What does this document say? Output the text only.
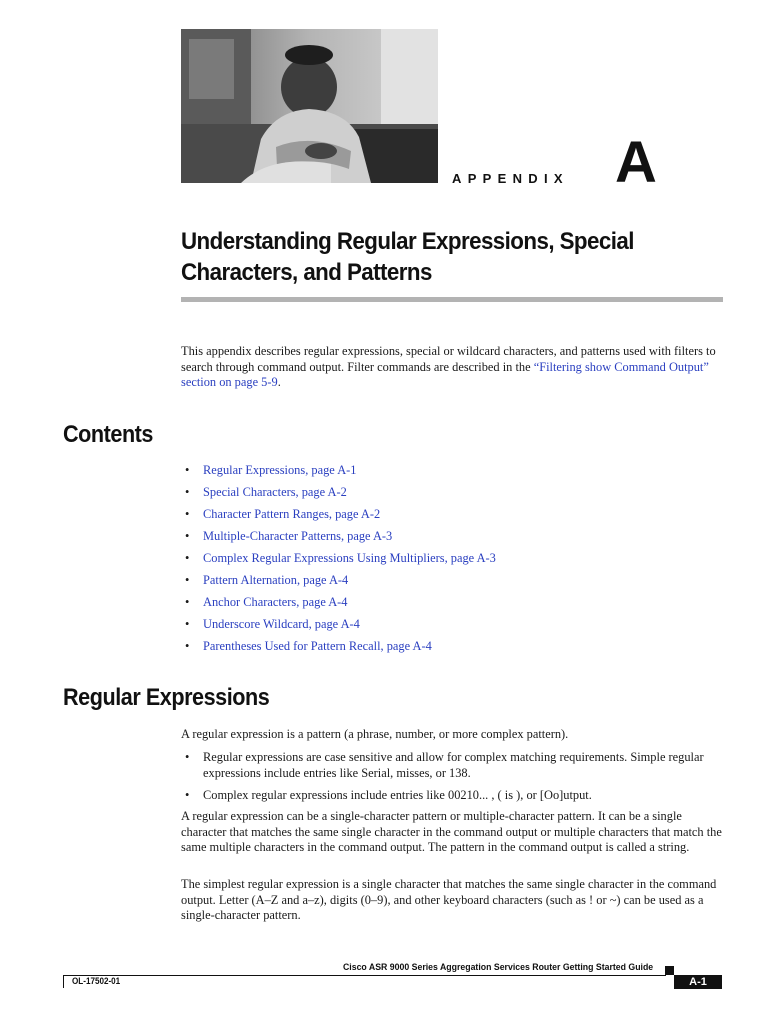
APPENDIX A
Understanding Regular Expressions, Special
Characters, and Patterns

This appendix describes regular expressions, special or wildcard characters, and patterns used with filters to search through command output. Filter commands are described in the “Filtering show Command Output” section on page 5-9.

Contents
• Regular Expressions, page A-1
• Special Characters, page A-2
• Character Pattern Ranges, page A-2
• Multiple-Character Patterns, page A-3
• Complex Regular Expressions Using Multipliers, page A-3
• Pattern Alternation, page A-4
• Anchor Characters, page A-4
• Underscore Wildcard, page A-4
• Parentheses Used for Pattern Recall, page A-4
Regular Expressions

A regular expression is a pattern (a phrase, number, or more complex pattern).

• Regular expressions are case sensitive and allow for complex matching requirements. Simple regular expressions include entries like Serial, misses, or 138.
• Complex regular expressions include entries like 00210... , ( is ), or [Oo]utput.

A regular expression can be a single-character pattern or multiple-character pattern. It can be a single character that matches the same single character in the command output or multiple characters that match the same multiple characters in the command output. The pattern in the command output is called a string.

The simplest regular expression is a single character that matches the same single character in the command output. Letter (A–Z and a–z), digits (0–9), and other keyboard characters (such as ! or ~) can be used as a single-character pattern.

Cisco ASR 9000 Series Aggregation Services Router Getting Started Guide
OL-17502-01	A-1
